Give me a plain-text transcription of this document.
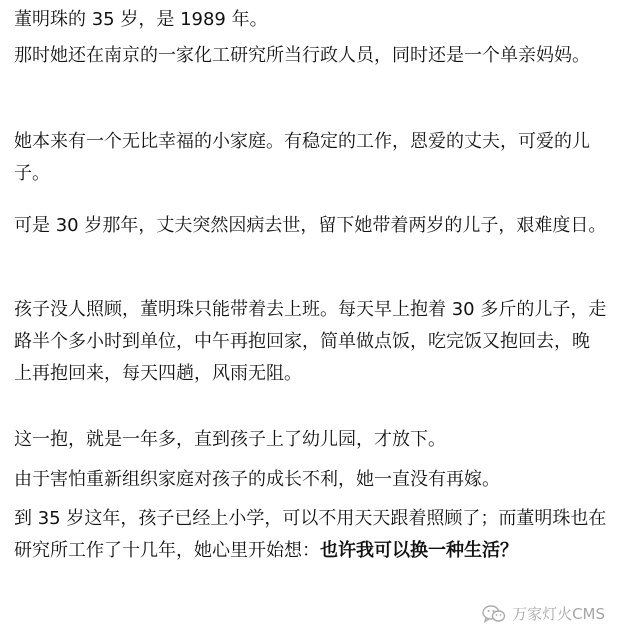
董明珠的 35 岁，是 1989 年。

那时她还在南京的一家化工研究所当行政人员，同时还是一个单亲妈妈。

她本来有一个无比幸福的小家庭。有稳定的工作，恩爱的丈夫，可爱的儿子。

可是 30 岁那年，丈夫突然因病去世，留下她带着两岁的儿子，艰难度日。

孩子没人照顾，董明珠只能带着去上班。每天早上抱着 30 多斤的儿子，走路半个多小时到单位，中午再抱回家，简单做点饭，吃完饭又抱回去，晚上再抱回来，每天四趟，风雨无阻。

这一抱，就是一年多，直到孩子上了幼儿园，才放下。

由于害怕重新组织家庭对孩子的成长不利，她一直没有再嫁。

到 35 岁这年，孩子已经上小学，可以不用天天跟着照顾了；而董明珠也在研究所工作了十几年，她心里开始想：也许我可以换一种生活？

万家灯火CMS
